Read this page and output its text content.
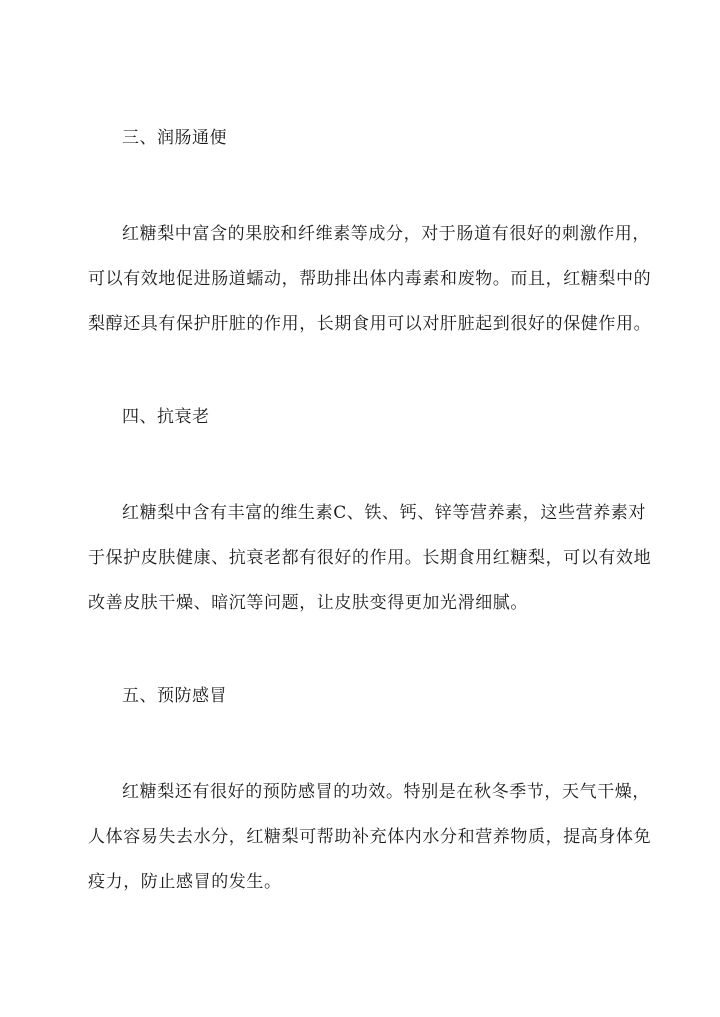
三、润肠通便
红糖梨中富含的果胶和纤维素等成分，对于肠道有很好的刺激作用，
可以有效地促进肠道蠕动，帮助排出体内毒素和废物。而且，红糖梨中的
梨醇还具有保护肝脏的作用，长期食用可以对肝脏起到很好的保健作用。
四、抗衰老
红糖梨中含有丰富的维生素C、铁、钙、锌等营养素，这些营养素对
于保护皮肤健康、抗衰老都有很好的作用。长期食用红糖梨，可以有效地
改善皮肤干燥、暗沉等问题，让皮肤变得更加光滑细腻。
五、预防感冒
红糖梨还有很好的预防感冒的功效。特别是在秋冬季节，天气干燥，
人体容易失去水分，红糖梨可帮助补充体内水分和营养物质，提高身体免
疫力，防止感冒的发生。
